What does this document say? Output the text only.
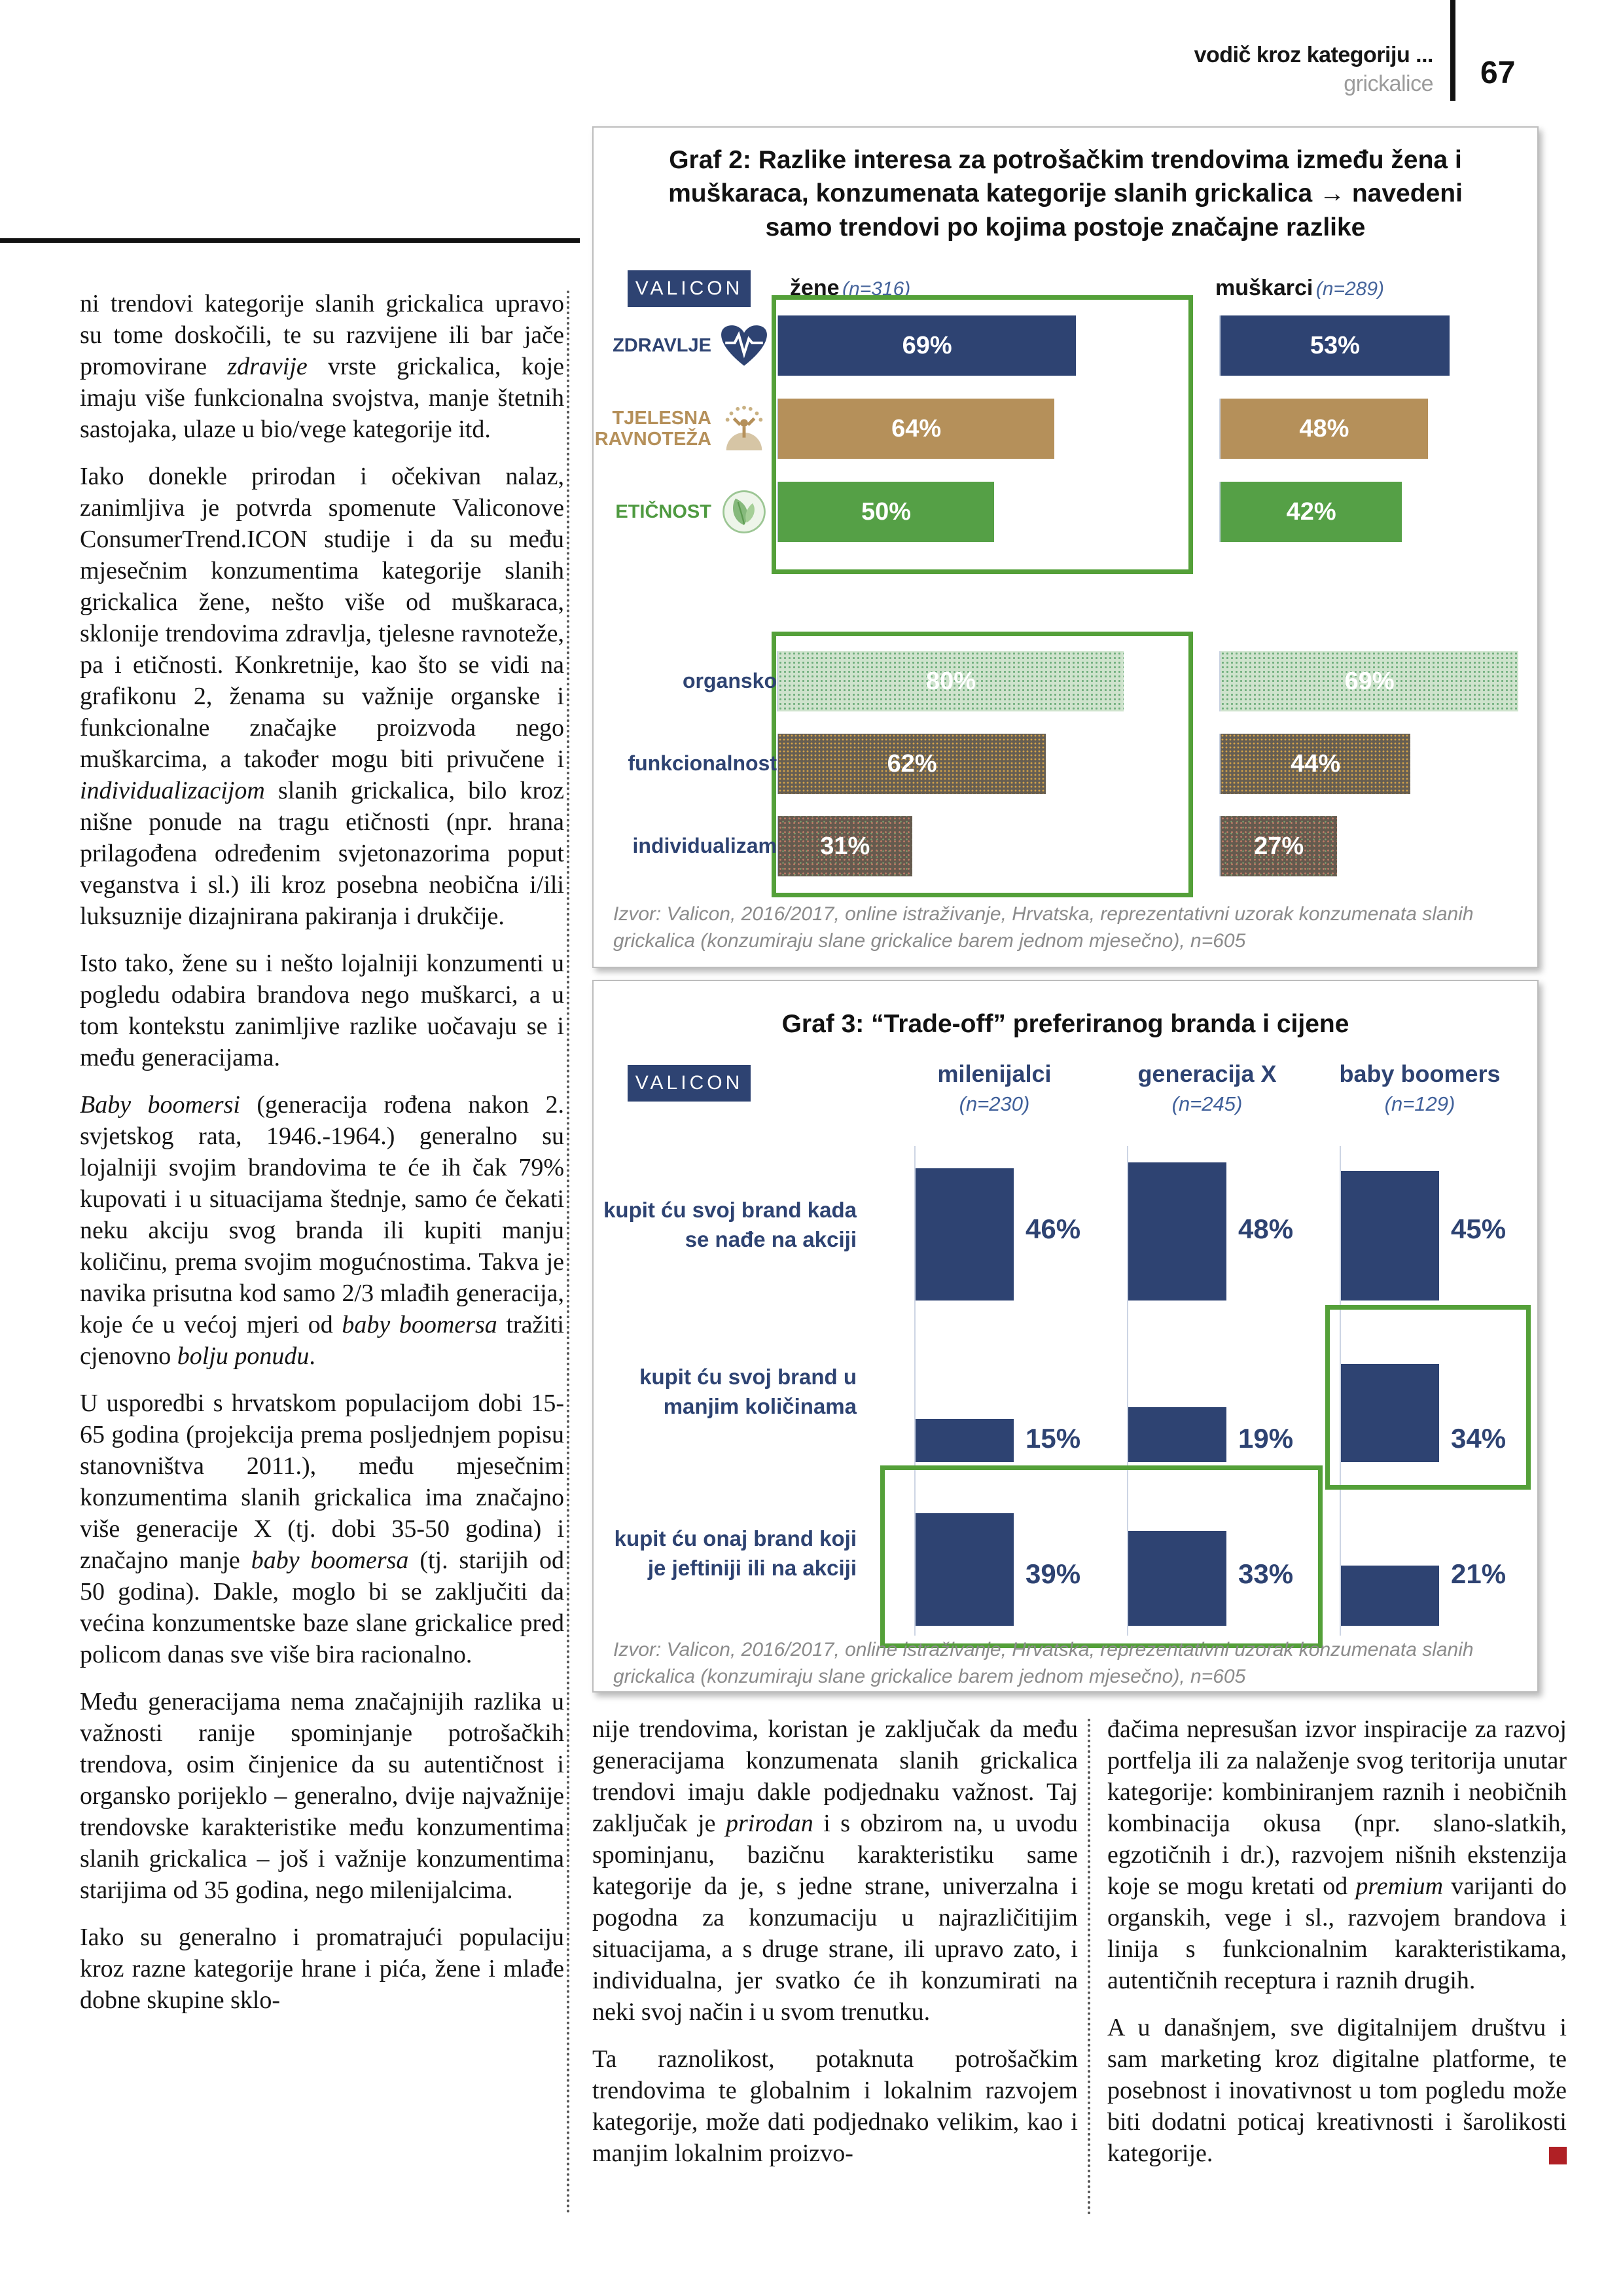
vodič kroz kategoriju ...
grickalice 67

ni trendovi kategorije slanih grickalica upravo su tome doskočili, te su razvijene ili bar jače promovirane zdravije vrste grickalica, koje imaju više funkcionalna svojstva, manje štetnih sastojaka, ulaze u bio/vege kategorije itd.

Iako donekle prirodan i očekivan nalaz, zanimljiva je potvrda spomenute Valiconove ConsumerTrend.ICON studije i da su među mjesečnim konzumentima kategorije slanih grickalica žene, nešto više od muškaraca, sklonije trendovima zdravlja, tjelesne ravnoteže, pa i etičnosti. Konkretnije, kao što se vidi na grafikonu 2, ženama su važnije organske i funkcionalne značajke proizvoda nego muškarcima, a također mogu biti privučene i individualizacijom slanih grickalica, bilo kroz nišne ponude na tragu etičnosti (npr. hrana prilagođena određenim svjetonazorima poput veganstva i sl.) ili kroz posebna neobična i/ili luksuznije dizajnirana pakiranja i drukčije.

Isto tako, žene su i nešto lojalniji konzumenti u pogledu odabira brandova nego muškarci, a u tom kontekstu zanimljive razlike uočavaju se i među generacijama.

Baby boomersi (generacija rođena nakon 2. svjetskog rata, 1946.-1964.) generalno su lojalniji svojim brandovima te će ih čak 79% kupovati i u situacijama štednje, samo će čekati neku akciju svog branda ili kupiti manju količinu, prema svojim mogućnostima. Takva je navika prisutna kod samo 2/3 mlađih generacija, koje će u većoj mjeri od baby boomersa tražiti cjenovno bolju ponudu.

U usporedbi s hrvatskom populacijom dobi 15-65 godina (projekcija prema posljednjem popisu stanovništva 2011.), među mjesečnim konzumentima slanih grickalica ima značajno više generacije X (tj. dobi 35-50 godina) i značajno manje baby boomersa (tj. starijih od 50 godina). Dakle, moglo bi se zaključiti da većina konzumentske baze slane grickalice pred policom danas sve više bira racionalno.

Među generacijama nema značajnijih razlika u važnosti ranije spominjanje potrošačkih trendova, osim činjenice da su autentičnost i organsko porijeklo – generalno, dvije najvažnije trendovske karakteristike među konzumentima slanih grickalica – još i važnije konzumentima starijima od 35 godina, nego milenijalcima.

Iako su generalno i promatrajući populaciju kroz razne kategorije hrane i pića, žene i mlađe dobne skupine sklo-

Graf 2: Razlike interesa za potrošačkim trendovima između žena i muškaraca, konzumenata kategorije slanih grickalica → navedeni samo trendovi po kojima postoje značajne razlike
VALICON	žene (n=316)	muškarci (n=289)
ZDRAVLJE	69%	53%
TJELESNA RAVNOTEŽA	64%	48%
ETIČNOST	50%	42%
organsko	80%	69%
funkcionalnost	62%	44%
individualizam 31%	27%
Izvor: Valicon, 2016/2017, online istraživanje, Hrvatska, reprezentativni uzorak konzumenata slanih grickalica (konzumiraju slane grickalice barem jednom mjesečno), n=605
Graf 3: “Trade-off” preferiranog branda i cijene
VALICON	milenijalci
(n=230)
generacija X
(n=245)
baby boomers
(n=129)
kupit ću svoj brand kada se nađe na akciji	46%	48%	45%
kupit ću svoj brand u manjim količinama
15%	19%	34%
kupit ću onaj brand koji je jeftiniji ili na akciji	39%	33%	21%
Izvor: Valicon, 2016/2017, online istraživanje, Hrvatska, reprezentativni uzorak konzumenata slanih grickalica (konzumiraju slane grickalice barem jednom mjesečno), n=605

nije trendovima, koristan je zaključak da među generacijama konzumenata slanih grickalica trendovi imaju dakle podjednaku važnost. Taj zaključak je prirodan i s obzirom na, u uvodu spominjanu, bazičnu karakteristiku same kategorije da je, s jedne strane, univerzalna i pogodna za konzumaciju u najrazličitijim situacijama, a s druge strane, ili upravo zato, i individualna, jer svatko će ih konzumirati na neki svoj način i u svom trenutku.

Ta raznolikost, potaknuta potrošačkim trendovima te globalnim i lokalnim razvojem kategorije, može dati podjednako velikim, kao i manjim lokalnim proizvo-

đačima nepresušan izvor inspiracije za razvoj portfelja ili za nalaženje svog teritorija unutar kategorije: kombiniranjem raznih i neobičnih kombinacija okusa (npr. slano-slatkih, egzotičnih i dr.), razvojem nišnih ekstenzija koje se mogu kretati od premium varijanti do organskih, vege i sl., razvojem brandova i linija s funkcionalnim karakteristikama, autentičnih receptura i raznih drugih.

A u današnjem, sve digitalnijem društvu i sam marketing kroz digitalne platforme, te posebnost i inovativnost u tom pogledu može biti dodatni poticaj kreativnosti i šarolikosti kategorije.
